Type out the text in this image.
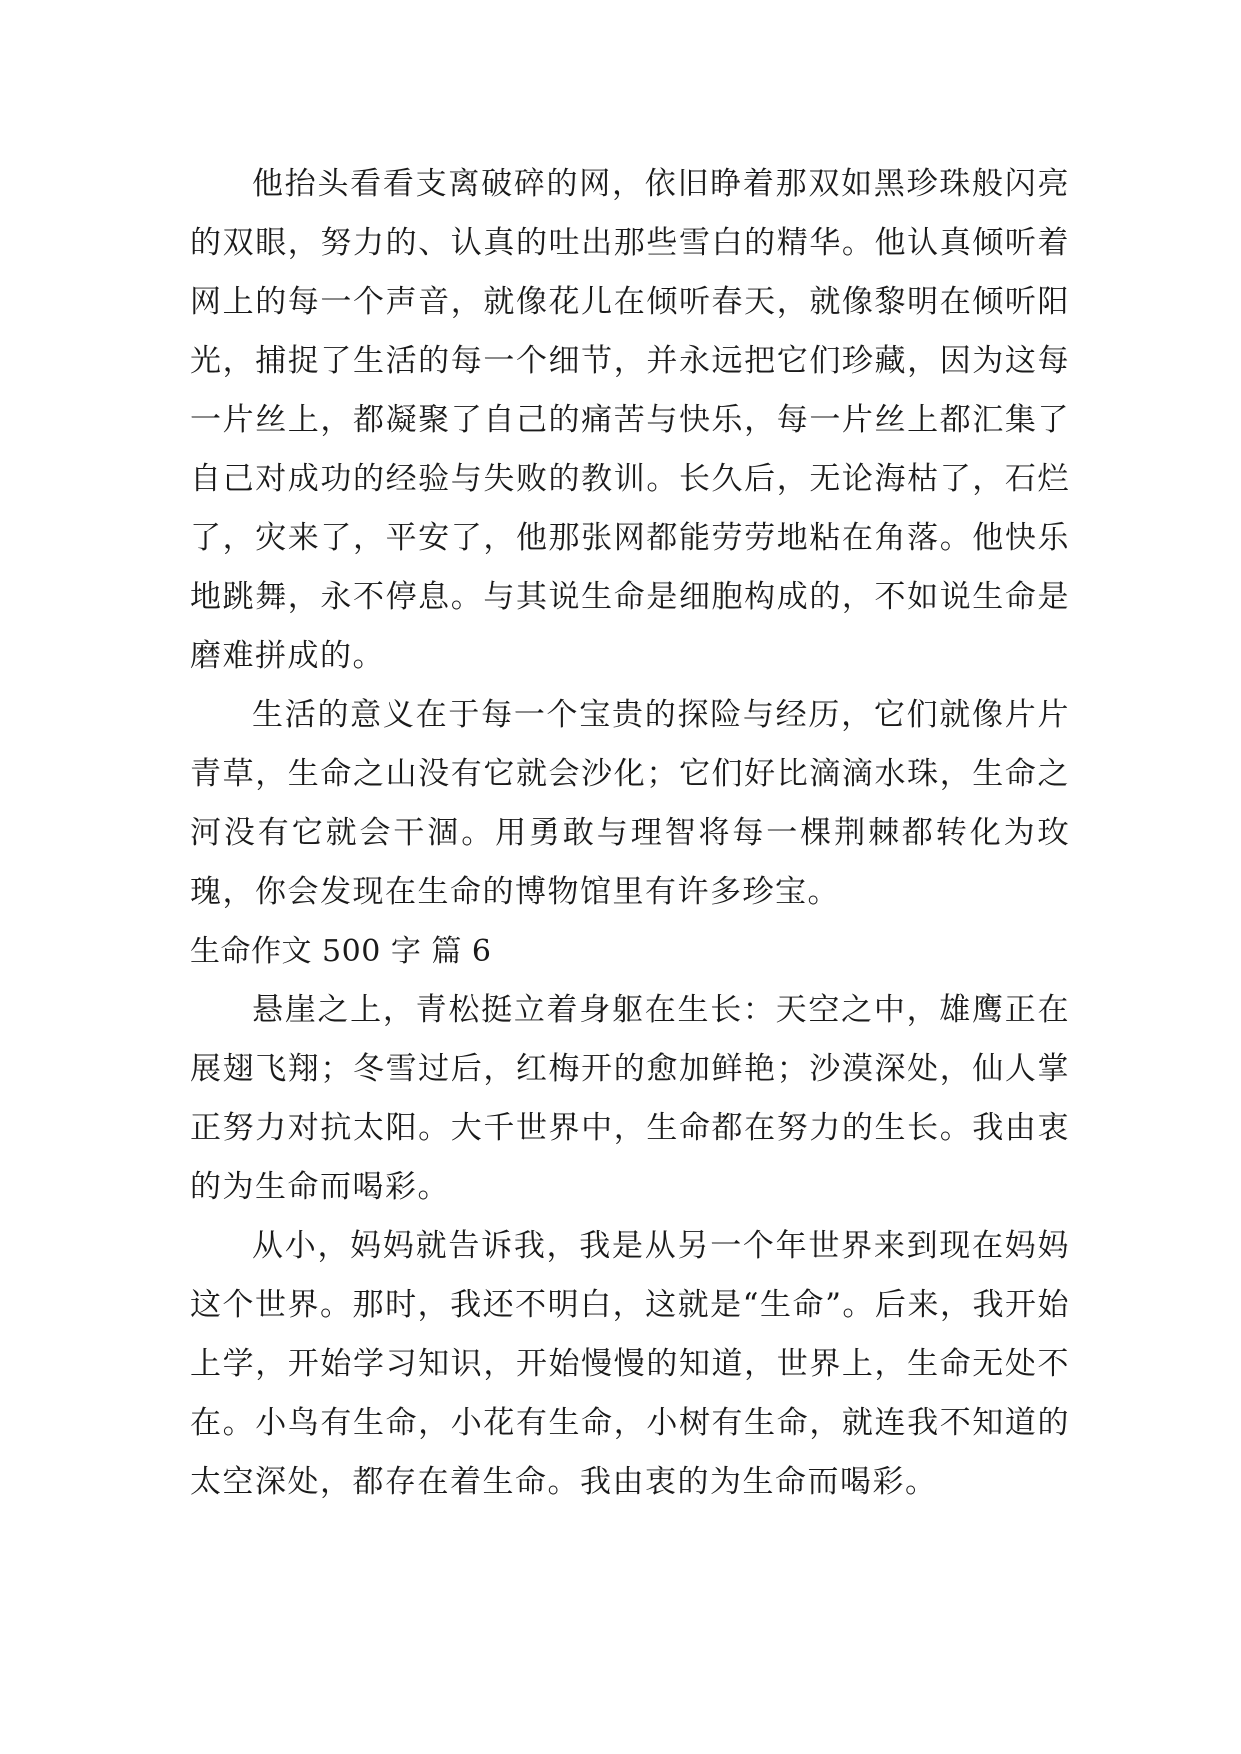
他抬头看看支离破碎的网，依旧睁着那双如黑珍珠般闪亮的双眼，努力的、认真的吐出那些雪白的精华。他认真倾听着网上的每一个声音，就像花儿在倾听春天，就像黎明在倾听阳光，捕捉了生活的每一个细节，并永远把它们珍藏，因为这每一片丝上，都凝聚了自己的痛苦与快乐，每一片丝上都汇集了自己对成功的经验与失败的教训。长久后，无论海枯了，石烂了，灾来了，平安了，他那张网都能劳劳地粘在角落。他快乐地跳舞，永不停息。与其说生命是细胞构成的，不如说生命是磨难拼成的。

生活的意义在于每一个宝贵的探险与经历，它们就像片片青草，生命之山没有它就会沙化；它们好比滴滴水珠，生命之河没有它就会干涸。用勇敢与理智将每一棵荆棘都转化为玫瑰，你会发现在生命的博物馆里有许多珍宝。

生命作文 500 字 篇 6

悬崖之上，青松挺立着身躯在生长：天空之中，雄鹰正在展翅飞翔；冬雪过后，红梅开的愈加鲜艳；沙漠深处，仙人掌正努力对抗太阳。大千世界中，生命都在努力的生长。我由衷的为生命而喝彩。

从小，妈妈就告诉我，我是从另一个年世界来到现在妈妈这个世界。那时，我还不明白，这就是“生命”。后来，我开始上学，开始学习知识，开始慢慢的知道，世界上，生命无处不在。小鸟有生命，小花有生命，小树有生命，就连我不知道的太空深处，都存在着生命。我由衷的为生命而喝彩。
